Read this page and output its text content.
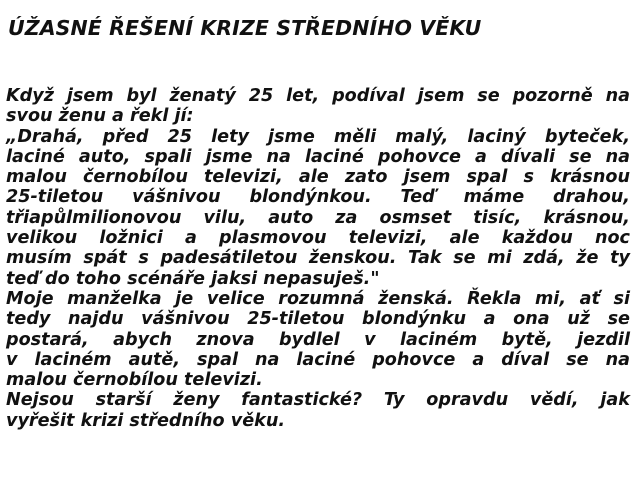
ÚŽASNÉ ŘEŠENÍ KRIZE STŘEDNÍHO VĚKU
Když jsem byl ženatý 25 let, podíval jsem se pozorně na
svou ženu a řekl jí:
„Drahá, před 25 lety jsme měli malý, laciný byteček,
laciné auto, spali jsme na laciné pohovce a dívali se na
malou černobílou televizi, ale zato jsem spal s krásnou
25-tiletou vášnivou blondýnkou. Teď máme drahou,
třiapůlmilionovou vilu, auto za osmset tisíc, krásnou,
velikou ložnici a plasmovou televizi, ale každou noc
musím spát s padesátiletou ženskou. Tak se mi zdá, že ty
teď do toho scénáře jaksi nepasuješ."
Moje manželka je velice rozumná ženská. Řekla mi, ať si
tedy najdu vášnivou 25-tiletou blondýnku a ona už se
postará, abych znova bydlel v laciném bytě, jezdil
v laciném autě, spal na laciné pohovce a díval se na
malou černobílou televizi.
Nejsou starší ženy fantastické? Ty opravdu vědí, jak
vyřešit krizi středního věku.
